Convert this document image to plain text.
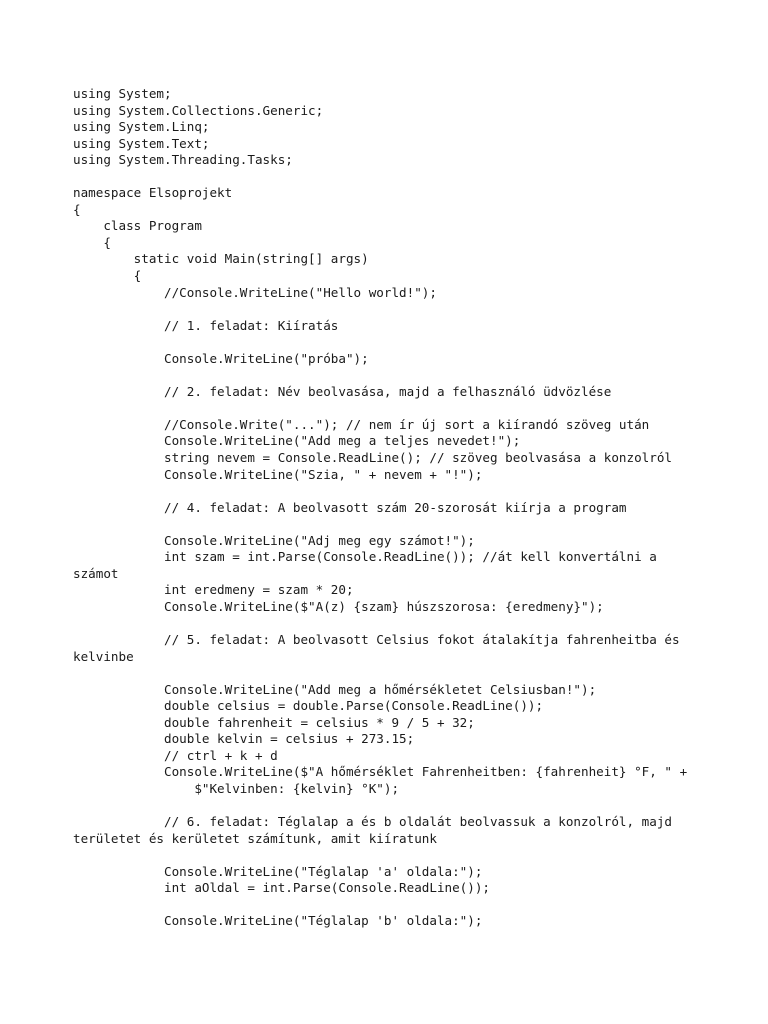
using System;
using System.Collections.Generic;
using System.Linq;
using System.Text;
using System.Threading.Tasks;
namespace Elsoprojekt
{
class Program
{
static void Main(string[] args)
{
//Console.WriteLine("Hello world!");
// 1. feladat: Kiíratás
Console.WriteLine("próba");
// 2. feladat: Név beolvasása, majd a felhasználó üdvözlése
//Console.Write("..."); // nem ír új sort a kiírandó szöveg után
Console.WriteLine("Add meg a teljes nevedet!");
string nevem = Console.ReadLine(); // szöveg beolvasása a konzolról
Console.WriteLine("Szia, " + nevem + "!");
// 4. feladat: A beolvasott szám 20-szorosát kiírja a program
Console.WriteLine("Adj meg egy számot!");
int szam = int.Parse(Console.ReadLine()); //át kell konvertálni a
számot
int eredmeny = szam * 20;
Console.WriteLine($"A(z) {szam} húszszorosa: {eredmeny}");
// 5. feladat: A beolvasott Celsius fokot átalakítja fahrenheitba és
kelvinbe
Console.WriteLine("Add meg a hőmérsékletet Celsiusban!");
double celsius = double.Parse(Console.ReadLine());
double fahrenheit = celsius * 9 / 5 + 32;
double kelvin = celsius + 273.15;
// ctrl + k + d
Console.WriteLine($"A hőmérséklet Fahrenheitben: {fahrenheit} °F, " +
$"Kelvinben: {kelvin} °K");
// 6. feladat: Téglalap a és b oldalát beolvassuk a konzolról, majd
területet és kerületet számítunk, amit kiíratunk
Console.WriteLine("Téglalap 'a' oldala:");
int aOldal = int.Parse(Console.ReadLine());
Console.WriteLine("Téglalap 'b' oldala:");
